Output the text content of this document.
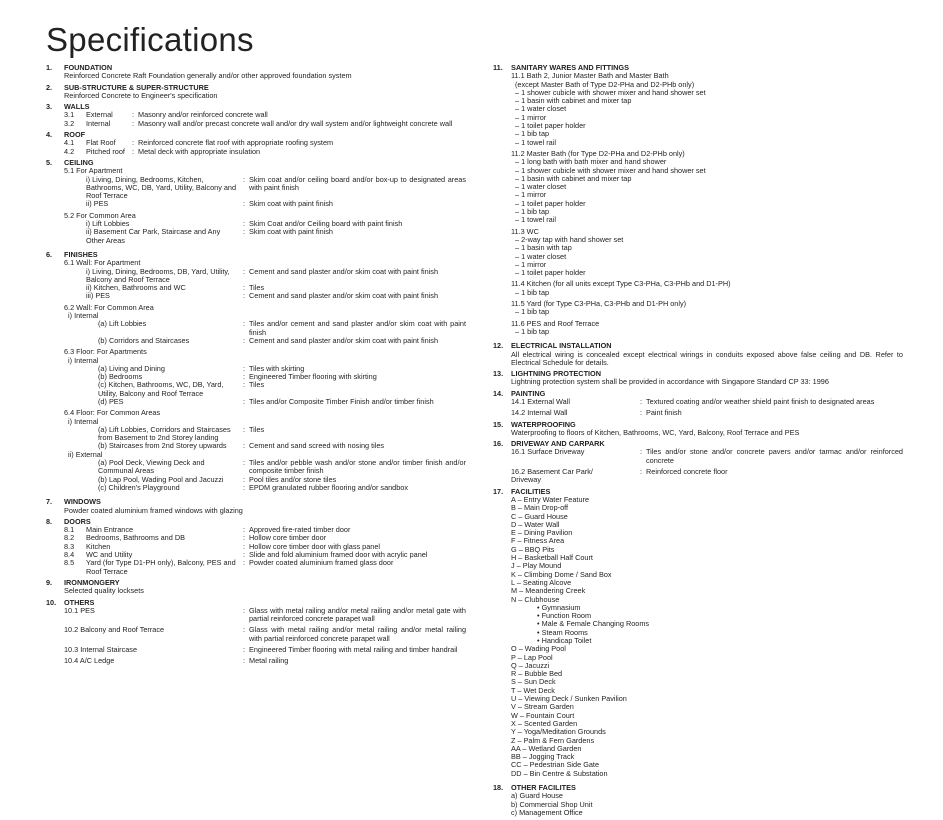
Specifications
1.	FOUNDATION
Reinforced Concrete Raft Foundation generally and/or other approved foundation system
2.	SUB-STRUCTURE & SUPER-STRUCTURE
Reinforced Concrete to Engineer's specification
3.	WALLS
3.1	External	: Masonry and/or reinforced concrete wall
3.2	Internal	: Masonry wall and/or precast concrete wall and/or dry wall system and/or lightweight concrete wall
4.	ROOF
4.1	Flat Roof	: Reinforced concrete flat roof with appropriate roofing system
4.2	Pitched roof : Metal deck with appropriate insulation
5.	CEILING
5.1 For Apartment
i) Living, Dining, Bedrooms, Kitchen, Bathrooms, WC, DB, Yard, Utility, Balcony and Roof Terrace
: Skim coat and/or ceiling board and/or box-up to designated areas with paint finish
ii) PES	: Skim coat with paint finish
5.2 For Common Area
i) Lift Lobbies	: Skim Coat and/or Ceiling board with paint finish
ii) Basement Car Park, Staircase and Any Other Areas
: Skim coat with paint finish
6.	FINISHES
6.1 Wall: For Apartment
i) Living, Dining, Bedrooms, DB, Yard, Utility, Balcony and Roof Terrace
: Cement and sand plaster and/or skim coat with paint finish
ii) Kitchen, Bathrooms and WC	: Tiles
iii) PES	: Cement and sand plaster and/or skim coat with paint finish
6.2 Wall: For Common Area
i) Internal
(a) Lift Lobbies	: Tiles and/or cement and sand plaster and/or skim coat with paint finish
(b) Corridors and Staircases	: Cement and sand plaster and/or skim coat with paint finish
6.3 Floor: For Apartments
i) Internal
(a) Living and Dining	: Tiles with skirting
(b) Bedrooms	: Engineered Timber flooring with skirting
(c) Kitchen, Bathrooms, WC, DB, Yard, Utility, Balcony and Roof Terrace
: Tiles
(d) PES	: Tiles and/or Composite Timber Finish and/or timber finish
6.4 Floor: For Common Areas
i) Internal
(a) Lift Lobbies, Corridors and Staircases from Basement to 2nd Storey landing
: Tiles
(b) Staircases from 2nd Storey upwards	: Cement and sand screed with nosing tiles
ii) External
(a) Pool Deck, Viewing Deck and Communal Areas
: Tiles and/or pebble wash and/or stone and/or timber finish and/or composite timber finish
(b) Lap Pool, Wading Pool and Jacuzzi	: Pool tiles and/or stone tiles
(c) Children's Playground	: EPDM granulated rubber flooring and/or sandbox
7.	WINDOWS
Powder coated aluminium framed windows with glazing
8.	DOORS
8.1	Main Entrance	: Approved fire-rated timber door
8.2	Bedrooms, Bathrooms and DB	: Hollow core timber door
8.3	Kitchen	: Hollow core timber door with glass panel
8.4	WC and Utility	: Slide and fold aluminium framed door with acrylic panel
8.5	Yard (for Type D1-PH only), Balcony, PES and Roof Terrace
: Powder coated aluminium framed glass door
9.	IRONMONGERY
Selected quality locksets
10.	OTHERS
10.1 PES	: Glass with metal railing and/or metal railing and/or metal gate with partial reinforced concrete parapet wall
10.2 Balcony and Roof Terrace	: Glass with metal railing and/or metal railing and/or metal railing with partial reinforced concrete parapet wall
10.3 Internal Staircase	: Engineered Timber flooring with metal railing and timber handrail
10.4 A/C Ledge	: Metal railing
11.	SANITARY WARES AND FITTINGS
11.1 Bath 2, Junior Master Bath and Master Bath
(except Master Bath of Type D2-PHa and D2-PHb only)
– 1 shower cubicle with shower mixer and hand shower set
– 1 basin with cabinet and mixer tap
– 1 water closet
– 1 mirror
– 1 toilet paper holder
– 1 bib tap
– 1 towel rail
11.2 Master Bath (for Type D2-PHa and D2-PHb only)
– 1 long bath with bath mixer and hand shower
– 1 shower cubicle with shower mixer and hand shower set
– 1 basin with cabinet and mixer tap
– 1 water closet
– 1 mirror
– 1 toilet paper holder
– 1 bib tap
– 1 towel rail
11.3 WC
– 2-way tap with hand shower set
– 1 basin with tap
– 1 water closet
– 1 mirror
– 1 toilet paper holder
11.4 Kitchen (for all units except Type C3-PHa, C3-PHb and D1-PH)
– 1 bib tap
11.5 Yard (for Type C3-PHa, C3-PHb and D1-PH only)
– 1 bib tap
11.6 PES and Roof Terrace
– 1 bib tap
12.	ELECTRICAL INSTALLATION
All electrical wiring is concealed except electrical wirings in conduits exposed above false ceiling and DB. Refer to Electrical Schedule for details.
13.	LIGHTNING PROTECTION
Lightning protection system shall be provided in accordance with Singapore Standard CP 33: 1996
14.	PAINTING
14.1 External Wall	: Textured coating and/or weather shield paint finish to designated areas
14.2 Internal Wall	: Paint finish
15.	WATERPROOFING
Waterproofing to floors of Kitchen, Bathrooms, WC, Yard, Balcony, Roof Terrace and PES
16.	DRIVEWAY AND CARPARK
16.1 Surface Driveway	: Tiles and/or stone and/or concrete pavers and/or tarmac and/or reinforced concrete
16.2 Basement Car Park/ Driveway
: Reinforced concrete floor
17.	FACILITIES
A – Entry Water Feature
B – Main Drop-off
C – Guard House
D – Water Wall
E – Dining Pavilion
F – Fitness Area
G – BBQ Pits
H – Basketball Half Court
J – Play Mound
K – Climbing Dome / Sand Box
L – Seating Alcove
M – Meandering Creek
N – Clubhouse
• Gymnasium
• Function Room
• Male & Female Changing Rooms
• Steam Rooms
• Handicap Toilet
O – Wading Pool
P – Lap Pool
Q – Jacuzzi
R – Bubble Bed
S – Sun Deck
T – Wet Deck
U – Viewing Deck / Sunken Pavilion
V – Stream Garden
W – Fountain Court
X – Scented Garden
Y – Yoga/Meditation Grounds
Z – Palm & Fern Gardens
AA – Wetland Garden
BB – Jogging Track
CC – Pedestrian Side Gate
DD – Bin Centre & Substation
18.	OTHER FACILITES
a) Guard House
b) Commercial Shop Unit
c) Management Office
